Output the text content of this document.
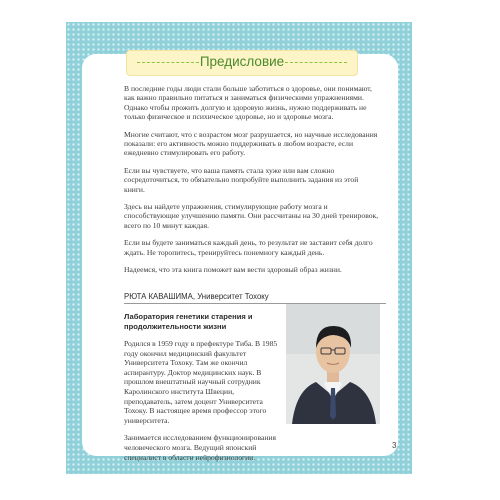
Предисловие

В последние годы люди стали больше заботиться о здоровье, они понимают, как важно правильно питаться и заниматься физическими упражнениями. Однако чтобы прожить долгую и здоровую жизнь, нужно поддерживать не только физическое и психическое здоровье, но и здоровье мозга.

Многие считают, что с возрастом мозг разрушается, но научные исследования показали: его активность можно поддерживать в любом возрасте, если ежедневно стимулировать его работу.

Если вы чувствуете, что ваша память стала хуже или вам сложно сосредоточиться, то обязательно попробуйте выполнить задания из этой книги.

Здесь вы найдете упражнения, стимулирующие работу мозга и способствующие улучшению памяти. Они рассчитаны на 30 дней тренировок, всего по 10 минут каждая.

Если вы будете заниматься каждый день, то результат не заставит себя долго ждать. Не торопитесь, тренируйтесь понемногу каждый день.

Надеемся, что эта книга поможет вам вести здоровый образ жизни.

РЮТА КАВАШИМА, Университет Тохоку
Лаборатория генетики старения и продолжительности жизни

Родился в 1959 году в префектуре Тиба. В 1985 году окончил медицинский факультет Университета Тохоку. Там же окончил аспирантуру. Доктор медицинских наук. В прошлом внештатный научный сотрудник Каролинского института Швеции, преподаватель, затем доцент Университета Тохоку. В настоящее время профессор этого университета.

Занимается исследованием функционирования человеческого мозга. Ведущий японский специалист в области нейрофизиологии.

3
